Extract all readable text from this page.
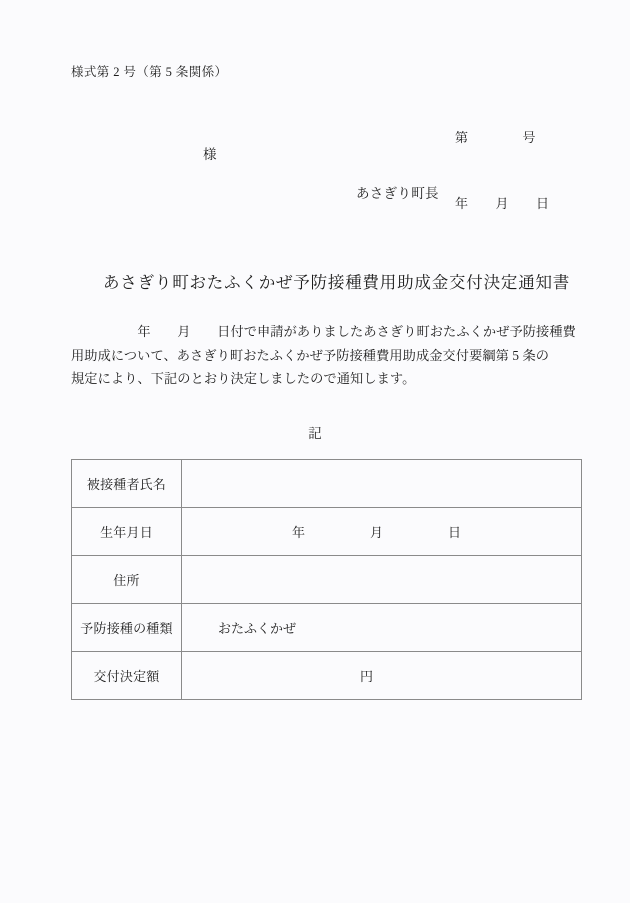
様式第 2 号（第 5 条関係）

第　　　　号

年　　月　　日

様
あさぎり町長
あさぎり町おたふくかぜ予防接種費用助成金交付決定通知書
　　　　　年　　月　　日付で申請がありましたあさぎり町おたふくかぜ予防接種費
用助成について、あさぎり町おたふくかぜ予防接種費用助成金交付要綱第 5 条の
規定により、下記のとおり決定しましたので通知します。
記
被接種者氏名	
生年月日	年　　　　　月　　　　　日
住所	
予防接種の種類	おたふくかぜ
交付決定額	円
